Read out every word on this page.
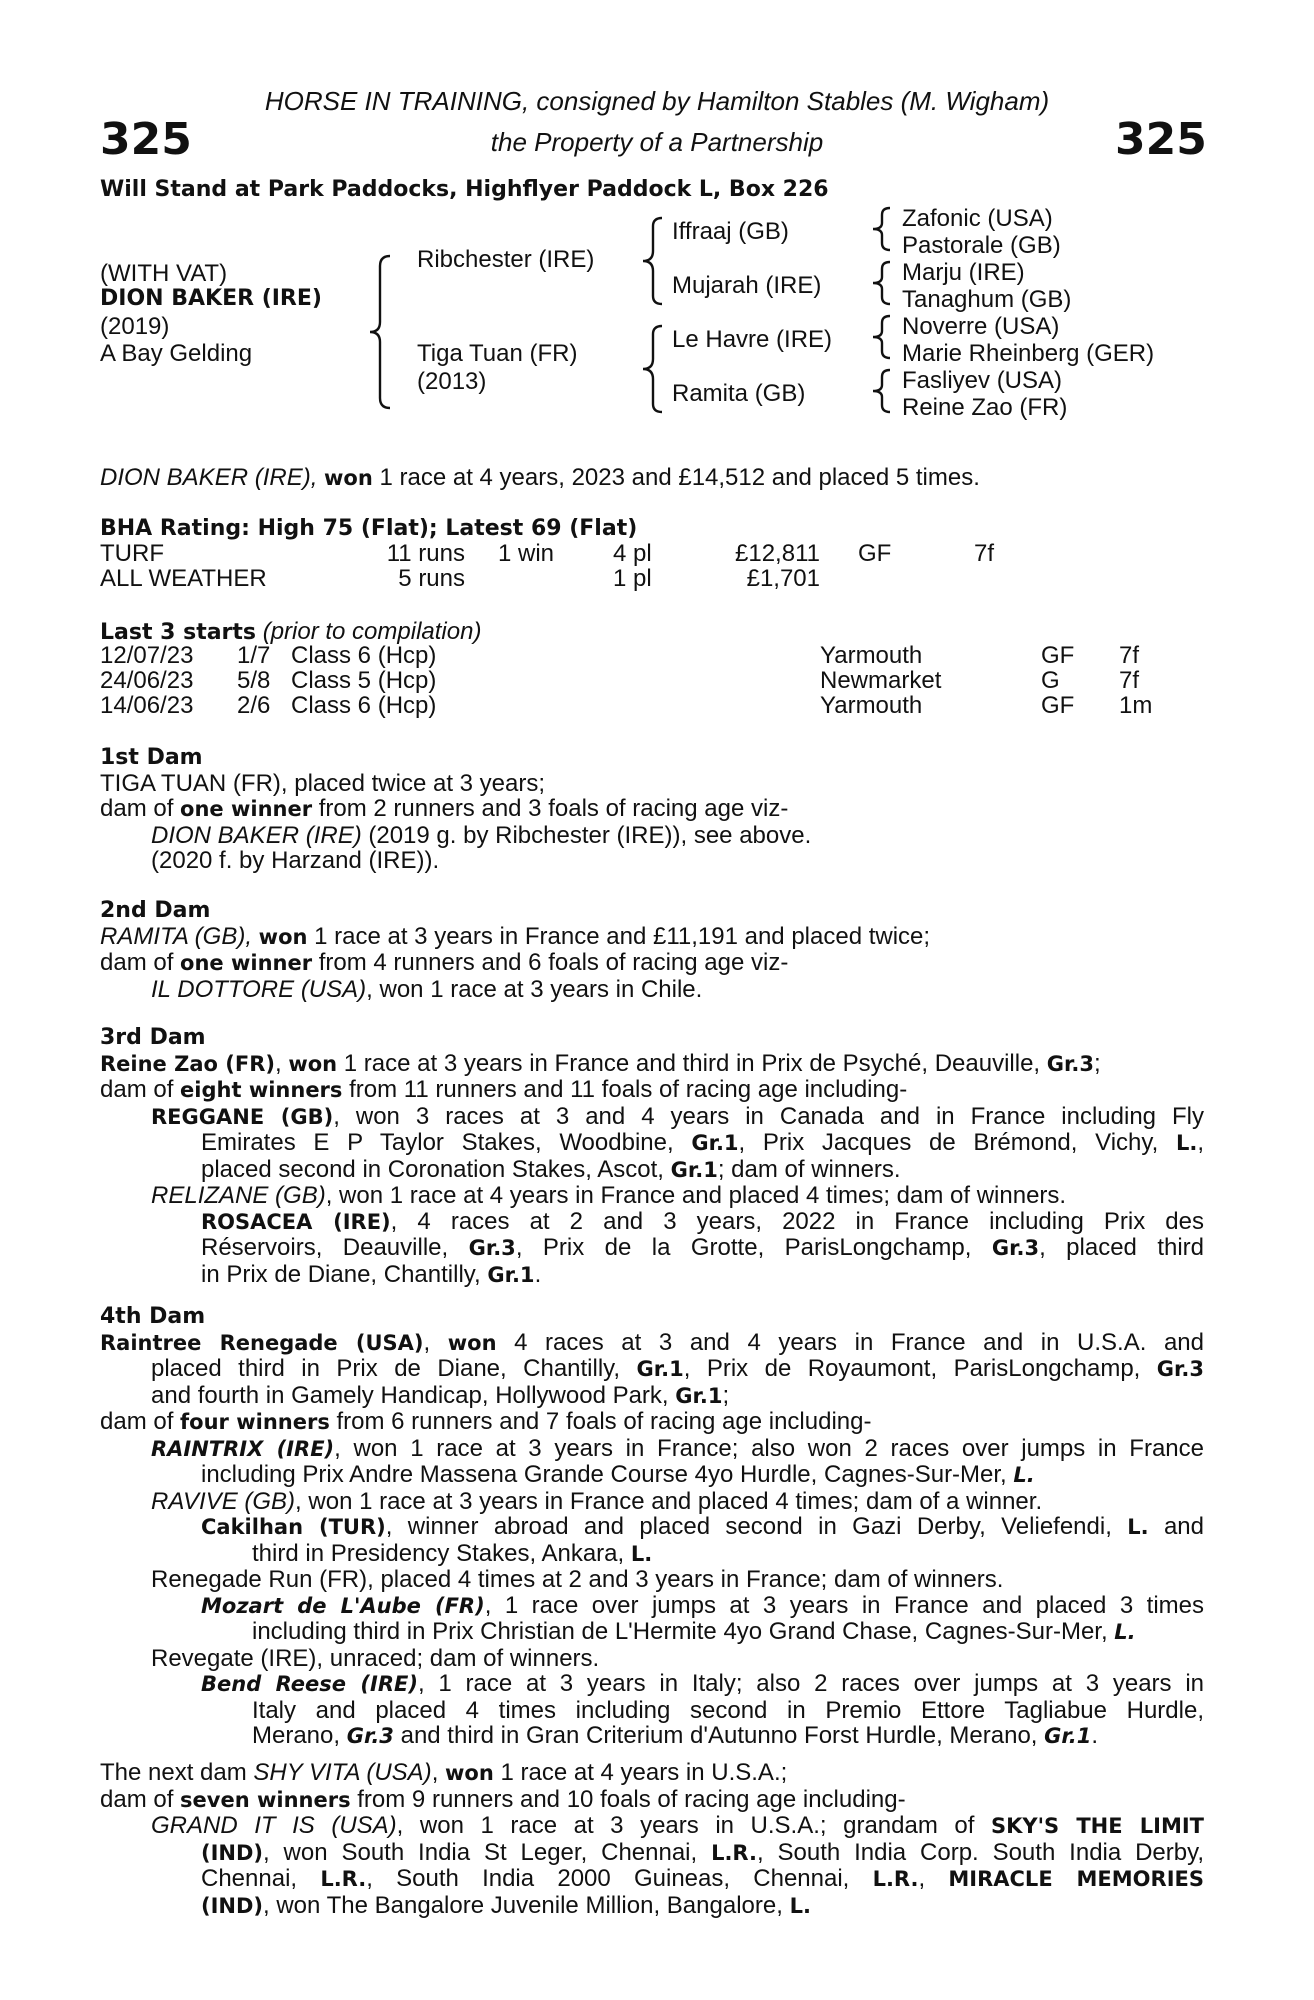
325	325
HORSE IN TRAINING, consigned by Hamilton Stables (M. Wigham)
the Property of a Partnership
Will Stand at Park Paddocks, Highflyer Paddock L, Box 226
(WITH VAT)
DION BAKER (IRE)
(2019)
A Bay Gelding
Ribchester (IRE)
Tiga Tuan (FR)
(2013)
Iffraaj (GB)
Mujarah (IRE)
Le Havre (IRE)
Ramita (GB)
Zafonic (USA)
Pastorale (GB)
Marju (IRE)
Tanaghum (GB)
Noverre (USA)
Marie Rheinberg (GER)
Fasliyev (USA)
Reine Zao (FR)
DION BAKER (IRE), won 1 race at 4 years, 2023 and £14,512 and placed 5 times.
BHA Rating: High 75 (Flat); Latest 69 (Flat)
TURF	11 runs 1 win 4 pl	£12,811 GF	7f
ALL WEATHER	5 runs	1 pl	£1,701
Last 3 starts (prior to compilation)
12/07/23 1/7 Class 6 (Hcp)	Yarmouth	GF 7f
24/06/23 5/8 Class 5 (Hcp)	Newmarket	G 7f
14/06/23 2/6 Class 6 (Hcp)	Yarmouth	GF 1m
1st Dam
TIGA TUAN (FR), placed twice at 3 years;
dam of one winner from 2 runners and 3 foals of racing age viz-
DION BAKER (IRE) (2019 g. by Ribchester (IRE)), see above.
(2020 f. by Harzand (IRE)).
2nd Dam
RAMITA (GB), won 1 race at 3 years in France and £11,191 and placed twice;
dam of one winner from 4 runners and 6 foals of racing age viz-
IL DOTTORE (USA), won 1 race at 3 years in Chile.
3rd Dam
Reine Zao (FR), won 1 race at 3 years in France and third in Prix de Psyché, Deauville, Gr.3;
dam of eight winners from 11 runners and 11 foals of racing age including-
REGGANE (GB), won 3 races at 3 and 4 years in Canada and in France including Fly
Emirates E P Taylor Stakes, Woodbine, Gr.1, Prix Jacques de Brémond, Vichy, L.,
placed second in Coronation Stakes, Ascot, Gr.1; dam of winners.
RELIZANE (GB), won 1 race at 4 years in France and placed 4 times; dam of winners.
ROSACEA (IRE), 4 races at 2 and 3 years, 2022 in France including Prix des
Réservoirs, Deauville, Gr.3, Prix de la Grotte, ParisLongchamp, Gr.3, placed third
in Prix de Diane, Chantilly, Gr.1.
4th Dam
Raintree Renegade (USA), won 4 races at 3 and 4 years in France and in U.S.A. and
placed third in Prix de Diane, Chantilly, Gr.1, Prix de Royaumont, ParisLongchamp, Gr.3
and fourth in Gamely Handicap, Hollywood Park, Gr.1;
dam of four winners from 6 runners and 7 foals of racing age including-
RAINTRIX (IRE), won 1 race at 3 years in France; also won 2 races over jumps in France
including Prix Andre Massena Grande Course 4yo Hurdle, Cagnes-Sur-Mer, L.
RAVIVE (GB), won 1 race at 3 years in France and placed 4 times; dam of a winner.
Cakilhan (TUR), winner abroad and placed second in Gazi Derby, Veliefendi, L. and
third in Presidency Stakes, Ankara, L.
Renegade Run (FR), placed 4 times at 2 and 3 years in France; dam of winners.
Mozart de L'Aube (FR), 1 race over jumps at 3 years in France and placed 3 times
including third in Prix Christian de L'Hermite 4yo Grand Chase, Cagnes-Sur-Mer, L.
Revegate (IRE), unraced; dam of winners.
Bend Reese (IRE), 1 race at 3 years in Italy; also 2 races over jumps at 3 years in
Italy and placed 4 times including second in Premio Ettore Tagliabue Hurdle,
Merano, Gr.3 and third in Gran Criterium d'Autunno Forst Hurdle, Merano, Gr.1.
The next dam SHY VITA (USA), won 1 race at 4 years in U.S.A.;
dam of seven winners from 9 runners and 10 foals of racing age including-
GRAND IT IS (USA), won 1 race at 3 years in U.S.A.; grandam of SKY'S THE LIMIT
(IND), won South India St Leger, Chennai, L.R., South India Corp. South India Derby,
Chennai, L.R., South India 2000 Guineas, Chennai, L.R., MIRACLE MEMORIES
(IND), won The Bangalore Juvenile Million, Bangalore, L.
